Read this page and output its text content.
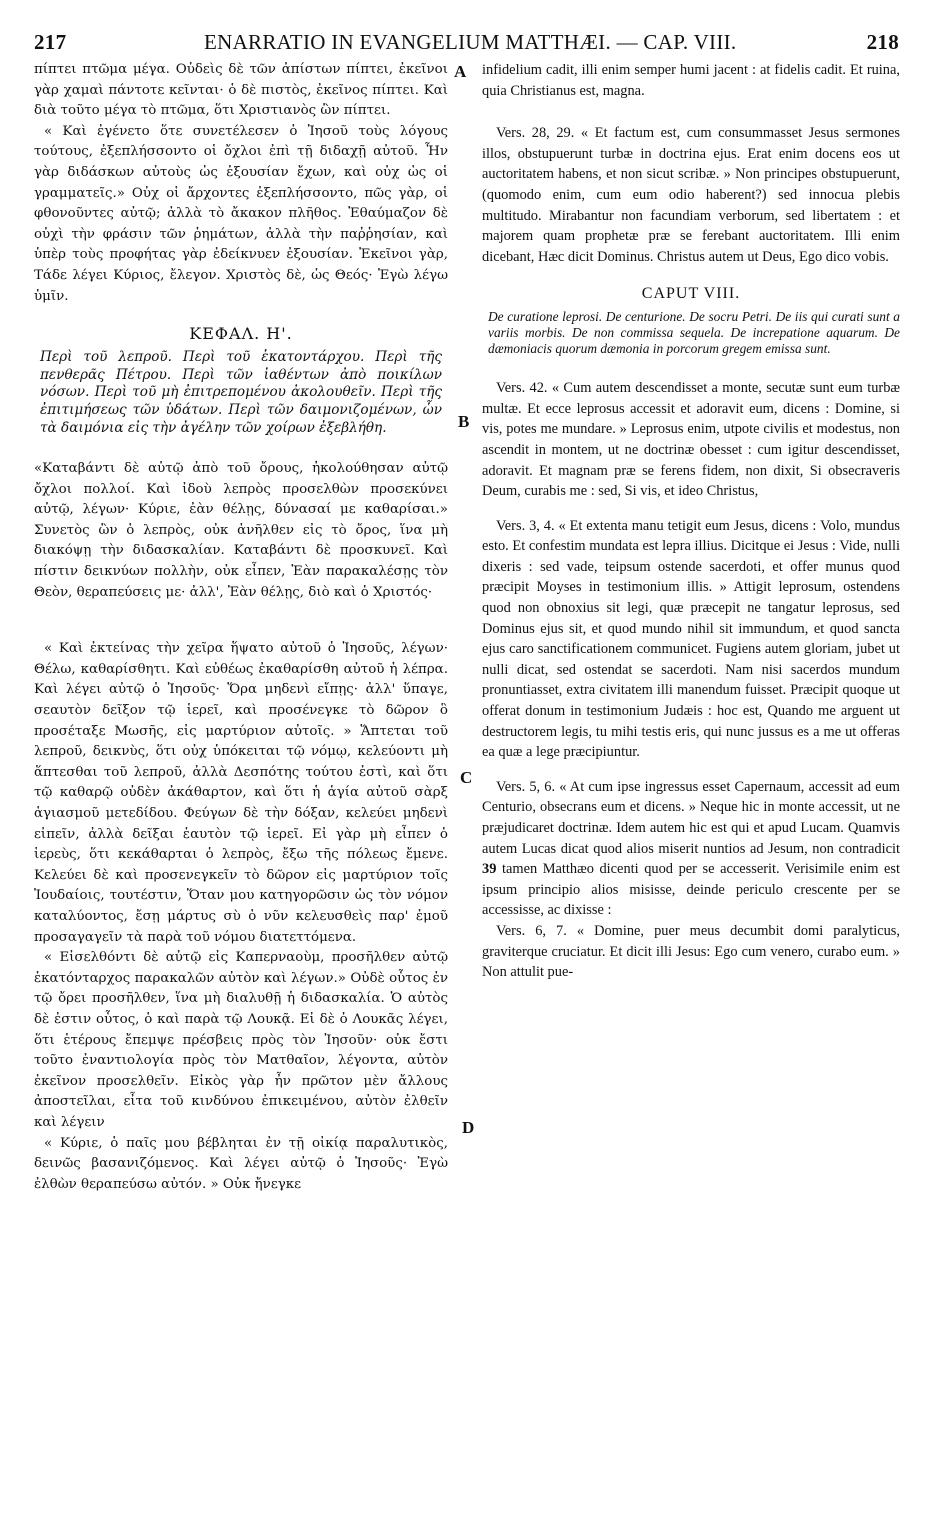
217	ENARRATIO IN EVANGELIUM MATTHÆI. — CAP. VIII.	218
A
B
C
D

πίπτει πτῶμα μέγα. Οὐδεὶς δὲ τῶν ἀπίστων πίπτει, ἐκεῖνοι γὰρ χαμαὶ πάντοτε κεῖνται· ὁ δὲ πιστὸς, ἐκεῖνος πίπτει. Καὶ διὰ τοῦτο μέγα τὸ πτῶμα, ὅτι Χριστιανὸς ὢν πίπτει.

« Καὶ ἐγένετο ὅτε συνετέλεσεν ὁ Ἰησοῦ τοὺς λόγους τούτους, ἐξεπλήσσοντο οἱ ὄχλοι ἐπὶ τῇ διδαχῇ αὐτοῦ. Ἦν γὰρ διδάσκων αὐτοὺς ὡς ἐξουσίαν ἔχων, καὶ οὐχ ὡς οἱ γραμματεῖς.» Οὐχ οἱ ἄρχοντες ἐξεπλήσσοντο, πῶς γὰρ, οἱ φθονοῦντες αὐτῷ; ἀλλὰ τὸ ἄκακον πλῆθος. Ἐθαύμαζον δὲ οὐχὶ τὴν φράσιν τῶν ῥημάτων, ἀλλὰ τὴν παῤῥησίαν, καὶ ὑπὲρ τοὺς προφήτας γὰρ ἐδείκνυεν ἐξουσίαν. Ἐκεῖνοι γὰρ, Τάδε λέγει Κύριος, ἔλεγον. Χριστὸς δὲ, ὡς Θεός· Ἐγὼ λέγω ὑμῖν.

ΚΕΦΑΛ. Η'.

Περὶ τοῦ λεπροῦ. Περὶ τοῦ ἑκατοντάρχου. Περὶ τῆς πενθερᾶς Πέτρου. Περὶ τῶν ἰαθέντων ἀπὸ ποικίλων νόσων. Περὶ τοῦ μὴ ἐπιτρεπομένου ἀκολουθεῖν. Περὶ τῆς ἐπιτιμήσεως τῶν ὑδάτων. Περὶ τῶν δαιμονιζομένων, ὧν τὰ δαιμόνια εἰς τὴν ἀγέλην τῶν χοίρων ἐξεβλήθη.

«Καταβάντι δὲ αὐτῷ ἀπὸ τοῦ ὄρους, ἠκολούθησαν αὐτῷ ὄχλοι πολλοί. Καὶ ἰδοὺ λεπρὸς προσελθὼν προσεκύνει αὐτῷ, λέγων· Κύριε, ἐὰν θέλῃς, δύνασαί με καθαρίσαι.» Συνετὸς ὢν ὁ λεπρὸς, οὐκ ἀνῆλθεν εἰς τὸ ὄρος, ἵνα μὴ διακόψῃ τὴν διδασκαλίαν. Καταβάντι δὲ προσκυνεῖ. Καὶ πίστιν δεικνύων πολλὴν, οὐκ εἶπεν, Ἐὰν παρακαλέσῃς τὸν Θεὸν, θεραπεύσεις με· ἀλλ', Ἐὰν θέλῃς, διὸ καὶ ὁ Χριστός·

« Καὶ ἐκτείνας τὴν χεῖρα ἥψατο αὐτοῦ ὁ Ἰησοῦς, λέγων· Θέλω, καθαρίσθητι. Καὶ εὐθέως ἐκαθαρίσθη αὐτοῦ ἡ λέπρα. Καὶ λέγει αὐτῷ ὁ Ἰησοῦς· Ὅρα μηδενὶ εἴπῃς· ἀλλ' ὕπαγε, σεαυτὸν δεῖξον τῷ ἱερεῖ, καὶ προσένεγκε τὸ δῶρον ὃ προσέταξε Μωσῆς, εἰς μαρτύριον αὐτοῖς. » Ἅπτεται τοῦ λεπροῦ, δεικνὺς, ὅτι οὐχ ὑπόκειται τῷ νόμῳ, κελεύοντι μὴ ἅπτεσθαι τοῦ λεπροῦ, ἀλλὰ Δεσπότης τούτου ἐστὶ, καὶ ὅτι τῷ καθαρῷ οὐδὲν ἀκάθαρτον, καὶ ὅτι ἡ ἁγία αὐτοῦ σὰρξ ἁγιασμοῦ μετεδίδου. Φεύγων δὲ τὴν δόξαν, κελεύει μηδενὶ εἰπεῖν, ἀλλὰ δεῖξαι ἑαυτὸν τῷ ἱερεῖ. Εἰ γὰρ μὴ εἶπεν ὁ ἱερεὺς, ὅτι κεκάθαρται ὁ λεπρὸς, ἔξω τῆς πόλεως ἔμενε. Κελεύει δὲ καὶ προσενεγκεῖν τὸ δῶρον εἰς μαρτύριον τοῖς Ἰουδαίοις, τουτέστιν, Ὅταν μου κατηγορῶσιν ὡς τὸν νόμον καταλύοντος, ἔσῃ μάρτυς σὺ ὁ νῦν κελευσθεὶς παρ' ἐμοῦ προσαγαγεῖν τὰ παρὰ τοῦ νόμου διατεττόμενα.

« Εἰσελθόντι δὲ αὐτῷ εἰς Καπερναοὺμ, προσῆλθεν αὐτῷ ἑκατόνταρχος παρακαλῶν αὐτὸν καὶ λέγων.» Οὐδὲ οὗτος ἐν τῷ ὄρει προσῆλθεν, ἵνα μὴ διαλυθῇ ἡ διδασκαλία. Ὁ αὐτὸς δὲ ἐστιν οὗτος, ὁ καὶ παρὰ τῷ Λουκᾷ. Εἰ δὲ ὁ Λουκᾶς λέγει, ὅτι ἑτέρους ἔπεμψε πρέσβεις πρὸς τὸν Ἰησοῦν· οὐκ ἔστι τοῦτο ἐναντιολογία πρὸς τὸν Ματθαῖον, λέγοντα, αὐτὸν ἐκεῖνον προσελθεῖν. Εἰκὸς γὰρ ἦν πρῶτον μὲν ἄλλους ἀποστεῖλαι, εἶτα τοῦ κινδύνου ἐπικειμένου, αὐτὸν ἐλθεῖν καὶ λέγειν

« Κύριε, ὁ παῖς μου βέβληται ἐν τῇ οἰκίᾳ παραλυτικὸς, δεινῶς βασανιζόμενος. Καὶ λέγει αὐτῷ ὁ Ἰησοῦς· Ἐγὼ ἐλθὼν θεραπεύσω αὐτόν. » Οὐκ ἤνεγκε

infidelium cadit, illi enim semper humi jacent : at fidelis cadit. Et ruina, quia Christianus est, magna.

Vers. 28, 29. « Et factum est, cum consummasset Jesus sermones illos, obstupuerunt turbæ in doctrina ejus. Erat enim docens eos ut auctoritatem habens, et non sicut scribæ. » Non principes obstupuerunt, (quomodo enim, cum eum odio haberent?) sed innocua plebis multitudo. Mirabantur non facundiam verborum, sed libertatem : et majorem quam prophetæ præ se ferebant auctoritatem. Illi enim dicebant, Hæc dicit Dominus. Christus autem ut Deus, Ego dico vobis.

CAPUT VIII.

De curatione leprosi. De centurione. De socru Petri. De iis qui curati sunt a variis morbis. De non commissa sequela. De increpatione aquarum. De dæmoniacis quorum dæmonia in porcorum gregem emissa sunt.

Vers. 42. « Cum autem descendisset a monte, secutæ sunt eum turbæ multæ. Et ecce leprosus accessit et adoravit eum, dicens : Domine, si vis, potes me mundare. » Leprosus enim, utpote civilis et modestus, non ascendit in montem, ut ne doctrinæ obesset : cum igitur descendisset, adoravit. Et magnam præ se ferens fidem, non dixit, Si obsecraveris Deum, curabis me : sed, Si vis, et ideo Christus,

Vers. 3, 4. « Et extenta manu tetigit eum Jesus, dicens : Volo, mundus esto. Et confestim mundata est lepra illius. Dicitque ei Jesus : Vide, nulli dixeris : sed vade, teipsum ostende sacerdoti, et offer munus quod præcipit Moyses in testimonium illis. » Attigit leprosum, ostendens quod non obnoxius sit legi, quæ præcepit ne tangatur leprosus, sed Dominus ejus sit, et quod mundo nihil sit immundum, et quod sancta ejus caro sanctificationem communicet. Fugiens autem gloriam, jubet ut nulli dicat, sed ostendat se sacerdoti. Nam nisi sacerdos mundum pronuntiasset, extra civitatem illi manendum fuisset. Præcipit quoque ut offerat donum in testimonium Judæis : hoc est, Quando me arguent ut destructorem legis, tu mihi testis eris, qui nunc jussus es a me ut offeras ea quæ a lege præcipiuntur.

Vers. 5, 6. « At cum ipse ingressus esset Capernaum, accessit ad eum Centurio, obsecrans eum et dicens. » Neque hic in monte accessit, ut ne præjudicaret doctrinæ. Idem autem hic est qui et apud Lucam. Quamvis autem Lucas dicat quod alios miserit nuntios ad Jesum, non contradicit 39 tamen Matthæo dicenti quod per se accesserit. Verisimile enim est ipsum principio alios misisse, deinde periculo crescente per se accessisse, ac dixisse :

Vers. 6, 7. « Domine, puer meus decumbit domi paralyticus, graviterque cruciatur. Et dicit illi Jesus: Ego cum venero, curabo eum. » Non attulit pue-
